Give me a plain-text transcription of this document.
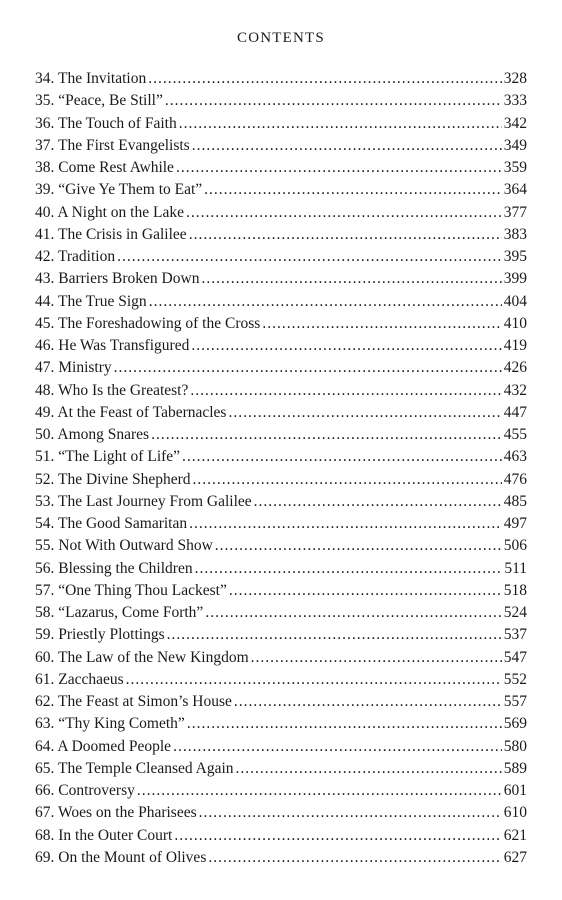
CONTENTS
34. The Invitation .....	328
35. “Peace, Be Still” .....	333
36. The Touch of Faith .....	342
37. The First Evangelists .....	349
38. Come Rest Awhile .....	359
39. “Give Ye Them to Eat” .....	364
40. A Night on the Lake .....	377
41. The Crisis in Galilee .....	383
42. Tradition .....	395
43. Barriers Broken Down .....	399
44. The True Sign .....	404
45. The Foreshadowing of the Cross .....	410
46. He Was Transfigured .....	419
47. Ministry .....	426
48. Who Is the Greatest? .....	432
49. At the Feast of Tabernacles .....	447
50. Among Snares .....	455
51. “The Light of Life” .....	463
52. The Divine Shepherd .....	476
53. The Last Journey From Galilee .....	485
54. The Good Samaritan .....	497
55. Not With Outward Show .....	506
56. Blessing the Children .....	511
57. “One Thing Thou Lackest” .....	518
58. “Lazarus, Come Forth” .....	524
59. Priestly Plottings .....	537
60. The Law of the New Kingdom .....	547
61. Zacchaeus .....	552
62. The Feast at Simon’s House .....	557
63. “Thy King Cometh” .....	569
64. A Doomed People .....	580
65. The Temple Cleansed Again .....	589
66. Controversy .....	601
67. Woes on the Pharisees .....	610
68. In the Outer Court .....	621
69. On the Mount of Olives .....	627
